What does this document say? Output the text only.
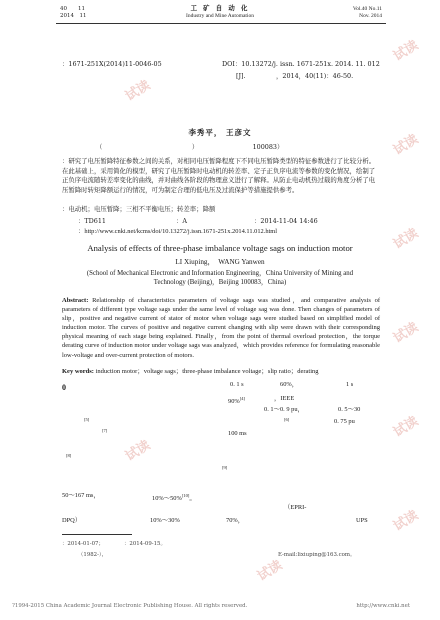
40　　11
2014　11
工 矿 自 动 化
Industry and Mine Automation
Vol.40 No.11
Nov. 2014
：1671-251X(2014)11-0046-05	DOI：10.13272/j. issn. 1671-251x. 2014. 11. 012
[J].	，2014，40(11)：46-50.
李秀平， 王彦文
（　　　　　　　　　　　　　　）　　　　　　　　　100083）
：研究了电压暂降特征参数之间的关系，对相同电压暂降程度下不同电压暂降类型的特征参数进行了比较分析。在此基础上，采用简化的模型，研究了电压暂降时电动机的转差率、定子正负序电流等参数的变化情况，绘制了正负序电流随转差率变化的曲线，并对曲线各阶段的物理意义进行了解释。从防止电动机热过载的角度分析了电压暂降时转矩降额运行的情况，可为制定合理的低电压及过流保护等措施提供参考。
：电动机；电压暂降；三相不平衡电压；转差率；降额
：TD611	：A	：2014-11-04 14:46
：http://www.cnki.net/kcms/doi/10.13272/j.issn.1671-251x.2014.11.012.html
Analysis of effects of three-phase imbalance voltage sags on induction motor
LI Xiuping，　WANG Yanwen
(School of Mechanical Electronic and Information Engineering，China University of Mining and Technology (Beijing)，Beijing 100083，China)
Abstract: Relationship of characteristics parameters of voltage sags was studied，and comparative analysis of parameters of different type voltage sags under the same level of voltage sag was done. Then changes of parameters of slip，positive and negative current of stator of motor when voltage sags were studied based on simplified model of induction motor. The curves of positive and negative current changing with slip were drawn with their corresponding physical meaning of each stage being explained. Finally，from the point of thermal overload protection，the torque derating curve of induction motor under voltage sags was analyzed，which provides reference for formulating reasonable low-voltage and over-current protection of motors.
Key words: induction motor；voltage sags；three-phase imbalance voltage；slip ratio；derating
0	0. 1 s	60%，	1 s
90%[4]	，IEEE
0. 1～0. 9 pu，	0. 5～30
[5]	[6]	0. 75 pu
[7]	100 ms
[8]
[9]
50～167 ms，	10%～50%[10]。
（EPRI-
DPQ）	10%～30%	70%，	UPS
：2014-01-07；	：2014-09-15。
（1982-），	E-mail:lixiuping@163.com。
?1994-2015 China Academic Journal Electronic Publishing House. All rights reserved.	http://www.cnki.net
试读
试读
试读
试读
试读
试读
试读
试读
试读
